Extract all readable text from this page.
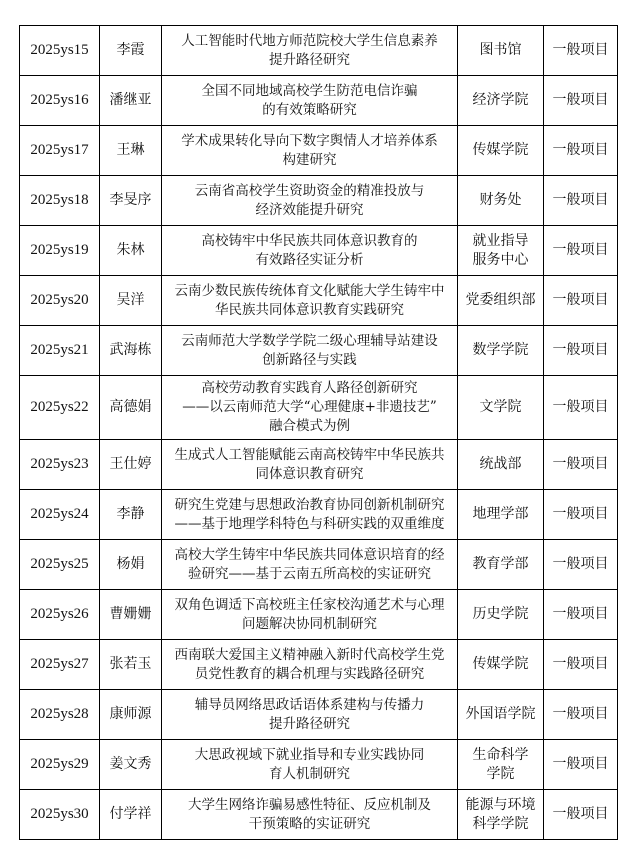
2025ys15	李霞	人工智能时代地方师范院校大学生信息素养
提升路径研究	图书馆	一般项目
2025ys16	潘继亚	全国不同地域高校学生防范电信诈骗
的有效策略研究	经济学院	一般项目
2025ys17	王琳	学术成果转化导向下数字舆情人才培养体系
构建研究	传媒学院	一般项目
2025ys18	李旻序	云南省高校学生资助资金的精准投放与
经济效能提升研究	财务处	一般项目
2025ys19	朱林	高校铸牢中华民族共同体意识教育的
有效路径实证分析	就业指导
服务中心	一般项目
2025ys20	吴洋	云南少数民族传统体育文化赋能大学生铸牢中
华民族共同体意识教育实践研究	党委组织部	一般项目
2025ys21	武海栋	云南师范大学数学学院二级心理辅导站建设
创新路径与实践	数学学院	一般项目
2025ys22	高德娟	高校劳动教育实践育人路径创新研究
——以云南师范大学“心理健康+非遗技艺”
融合模式为例	文学院	一般项目
2025ys23	王仕婷	生成式人工智能赋能云南高校铸牢中华民族共
同体意识教育研究	统战部	一般项目
2025ys24	李静	研究生党建与思想政治教育协同创新机制研究
——基于地理学科特色与科研实践的双重维度	地理学部	一般项目
2025ys25	杨娟	高校大学生铸牢中华民族共同体意识培育的经
验研究——基于云南五所高校的实证研究	教育学部	一般项目
2025ys26	曹姗姗	双角色调适下高校班主任家校沟通艺术与心理
问题解决协同机制研究	历史学院	一般项目
2025ys27	张若玉	西南联大爱国主义精神融入新时代高校学生党
员党性教育的耦合机理与实践路径研究	传媒学院	一般项目
2025ys28	康师源	辅导员网络思政话语体系建构与传播力
提升路径研究	外国语学院	一般项目
2025ys29	姜文秀	大思政视域下就业指导和专业实践协同
育人机制研究	生命科学
学院	一般项目
2025ys30	付学祥	大学生网络诈骗易感性特征、反应机制及
干预策略的实证研究	能源与环境
科学学院	一般项目
